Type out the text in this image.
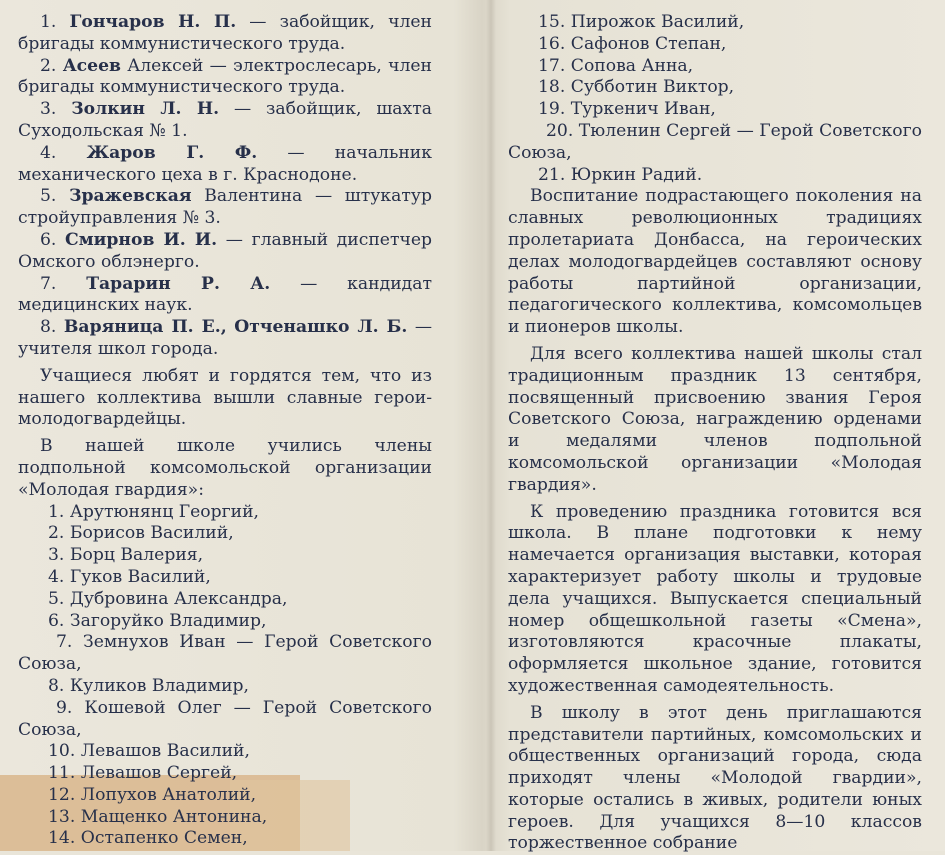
1. Гончаров Н. П. — забойщик, член бригады коммунистического труда.

2. Асеев Алексей — электрослесарь, член бригады коммунистического труда.

3. Золкин Л. Н. — забойщик, шахта Суходольская № 1.

4. Жаров Г. Ф. — начальник механического цеха в г. Краснодоне.

5. Зражевская Валентина — штукатур стройуправления № 3.

6. Смирнов И. И. — главный диспетчер Омского облэнерго.

7. Тарарин Р. А. — кандидат медицинских наук.

8. Варяница П. Е., Отченашко Л. Б. — учителя школ города.

Учащиеся любят и гордятся тем, что из нашего коллектива вышли славные герои-молодогвардейцы.

В нашей школе учились члены подпольной комсомольской организации «Молодая гвардия»:

1. Арутюнянц Георгий,

2. Борисов Василий,

3. Борц Валерия,

4. Гуков Василий,

5. Дубровина Александра,

6. Загоруйко Владимир,

7. Земнухов Иван — Герой Советского Союза,

8. Куликов Владимир,

9. Кошевой Олег — Герой Советского Союза,

10. Левашов Василий,

11. Левашов Сергей,

12. Лопухов Анатолий,

13. Мащенко Антонина,

14. Остапенко Семен,

15. Пирожок Василий,

16. Сафонов Степан,

17. Сопова Анна,

18. Субботин Виктор,

19. Туркенич Иван,

20. Тюленин Сергей — Герой Советского Союза,

21. Юркин Радий.

Воспитание подрастающего поколения на славных революционных традициях пролетариата Донбасса, на героических делах молодогвардейцев составляют основу работы партийной организации, педагогического коллектива, комсомольцев и пионеров школы.

Для всего коллектива нашей школы стал традиционным праздник 13 сентября, посвященный присвоению звания Героя Советского Союза, награждению орденами и медалями членов подпольной комсомольской организации «Молодая гвардия».

К проведению праздника готовится вся школа. В плане подготовки к нему намечается организация выставки, которая характеризует работу школы и трудовые дела учащихся. Выпускается специальный номер общешкольной газеты «Смена», изготовляются красочные плакаты, оформляется школьное здание, готовится художественная самодеятельность.

В школу в этот день приглашаются представители партийных, комсомольских и общественных организаций города, сюда приходят члены «Молодой гвардии», которые остались в живых, родители юных героев. Для учащихся 8—10 классов торжественное собрание
